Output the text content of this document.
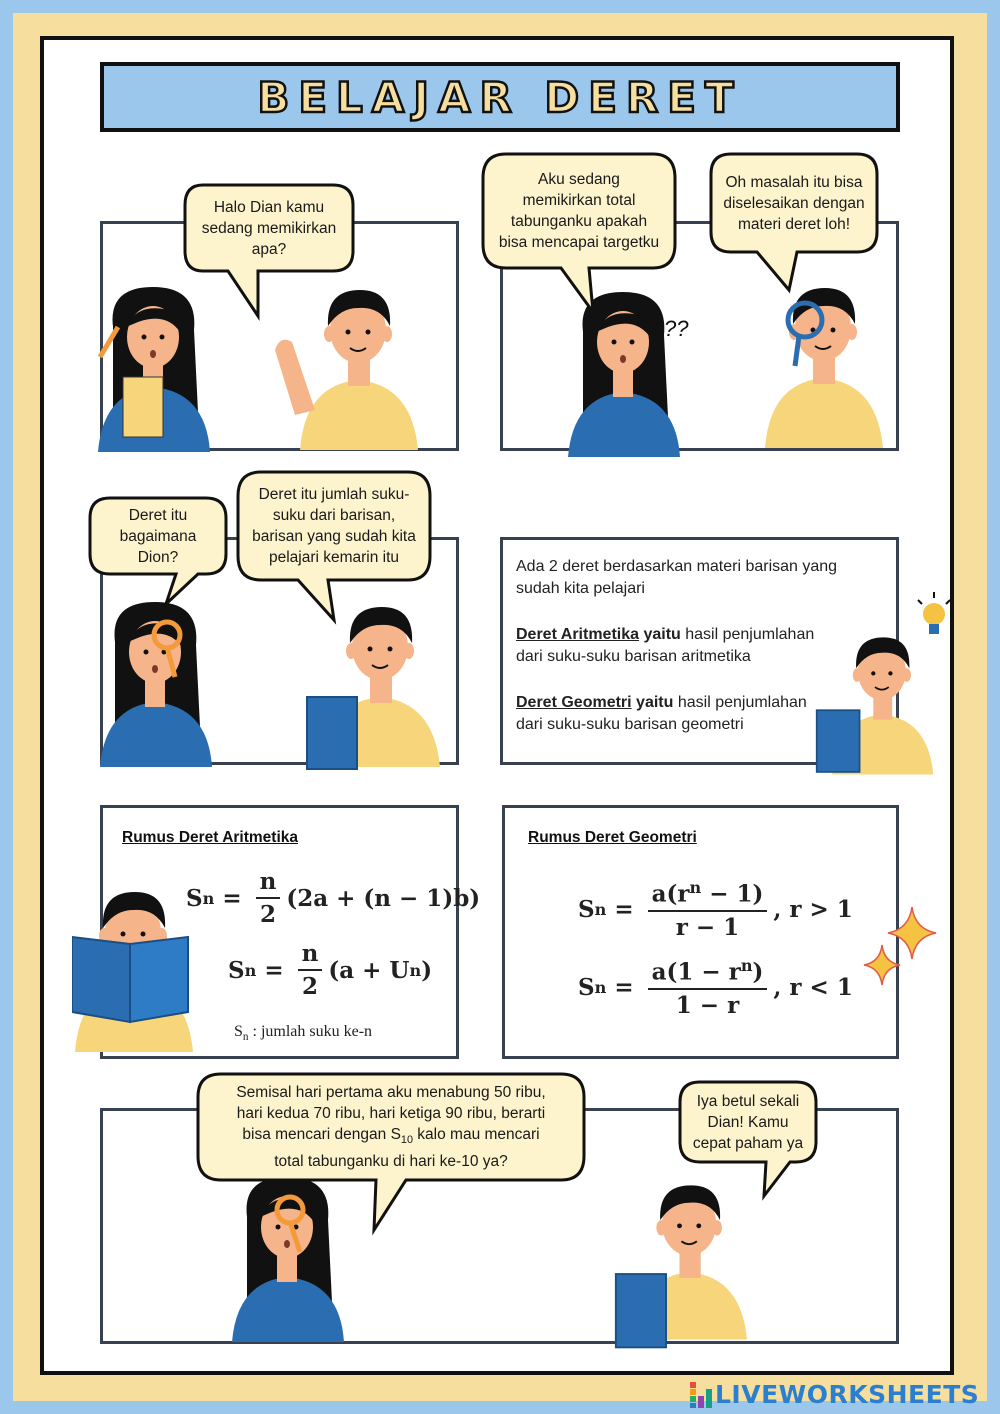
BELAJAR DERET
??
Halo Dian kamu
sedang memikirkan
apa?
Aku sedang
memikirkan total
tabunganku apakah
bisa mencapai targetku
Oh masalah itu bisa
diselesaikan dengan
materi deret loh!
Deret itu
bagaimana
Dion?
Deret itu jumlah suku-
suku dari barisan,
barisan yang sudah kita
pelajari kemarin itu
Semisal hari pertama aku menabung 50 ribu,
hari kedua 70 ribu, hari ketiga 90 ribu, berarti
bisa mencari dengan $S_{10}$ kalo mau mencari
total tabunganku di hari ke-10 ya?
Iya betul sekali
Dian! Kamu
cepat paham ya

Ada 2 deret berdasarkan materi barisan yang
sudah kita pelajari

Deret Aritmetika yaitu hasil penjumlahan
dari suku-suku barisan aritmetika

Deret Geometri yaitu hasil penjumlahan
dari suku-suku barisan geometri

Rumus Deret Aritmetika
S $n = \frac{n}{2} (2a + (n - 1)b)$
S $n = \frac{n}{2} (a + U$ n )
$S_n$ : jumlah suku ke-n
Rumus Deret Geometri
S $n = \frac{a(r^n - 1)}{r - 1}$ , r > 1
S $n = \frac{a(1 - r^n)}{1 - r}$ , r < 1
LIVEWORKSHEETS
